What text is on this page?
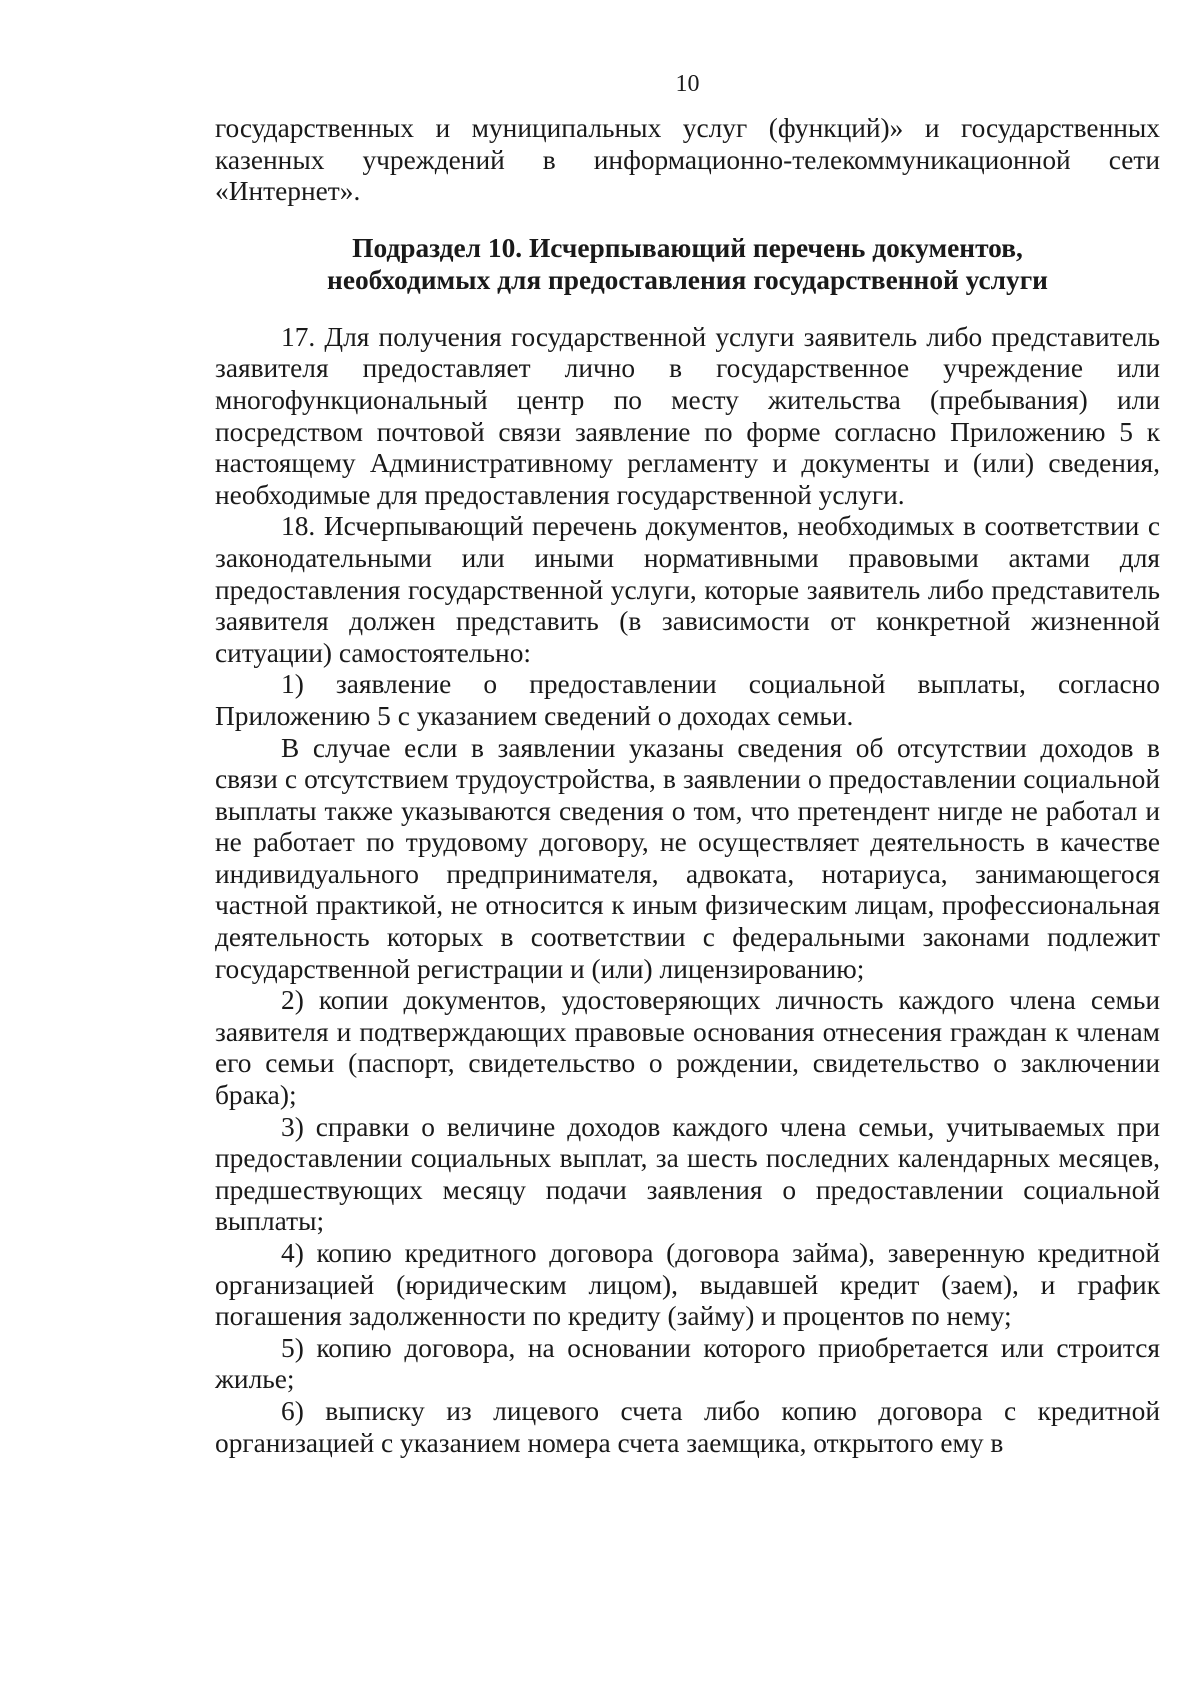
10

государственных и муниципальных услуг (функций)» и государственных казенных учреждений в информационно-телекоммуникационной сети «Интернет».

Подраздел 10. Исчерпывающий перечень документов,
необходимых для предоставления государственной услуги

17. Для получения государственной услуги заявитель либо представитель заявителя предоставляет лично в государственное учреждение или многофункциональный центр по месту жительства (пребывания) или посредством почтовой связи заявление по форме согласно Приложению 5 к настоящему Административному регламенту и документы и (или) сведения, необходимые для предоставления государственной услуги.

18. Исчерпывающий перечень документов, необходимых в соответствии с законодательными или иными нормативными правовыми актами для предоставления государственной услуги, которые заявитель либо представитель заявителя должен представить (в зависимости от конкретной жизненной ситуации) самостоятельно:

1) заявление о предоставлении социальной выплаты, согласно Приложению 5 с указанием сведений о доходах семьи.

В случае если в заявлении указаны сведения об отсутствии доходов в связи с отсутствием трудоустройства, в заявлении о предоставлении социальной выплаты также указываются сведения о том, что претендент нигде не работал и не работает по трудовому договору, не осуществляет деятельность в качестве индивидуального предпринимателя, адвоката, нотариуса, занимающегося частной практикой, не относится к иным физическим лицам, профессиональная деятельность которых в соответствии с федеральными законами подлежит государственной регистрации и (или) лицензированию;

2) копии документов, удостоверяющих личность каждого члена семьи заявителя и подтверждающих правовые основания отнесения граждан к членам его семьи (паспорт, свидетельство о рождении, свидетельство о заключении брака);

3) справки о величине доходов каждого члена семьи, учитываемых при предоставлении социальных выплат, за шесть последних календарных месяцев, предшествующих месяцу подачи заявления о предоставлении социальной выплаты;

4) копию кредитного договора (договора займа), заверенную кредитной организацией (юридическим лицом), выдавшей кредит (заем), и график погашения задолженности по кредиту (займу) и процентов по нему;

5) копию договора, на основании которого приобретается или строится жилье;

6) выписку из лицевого счета либо копию договора с кредитной организацией с указанием номера счета заемщика, открытого ему в
